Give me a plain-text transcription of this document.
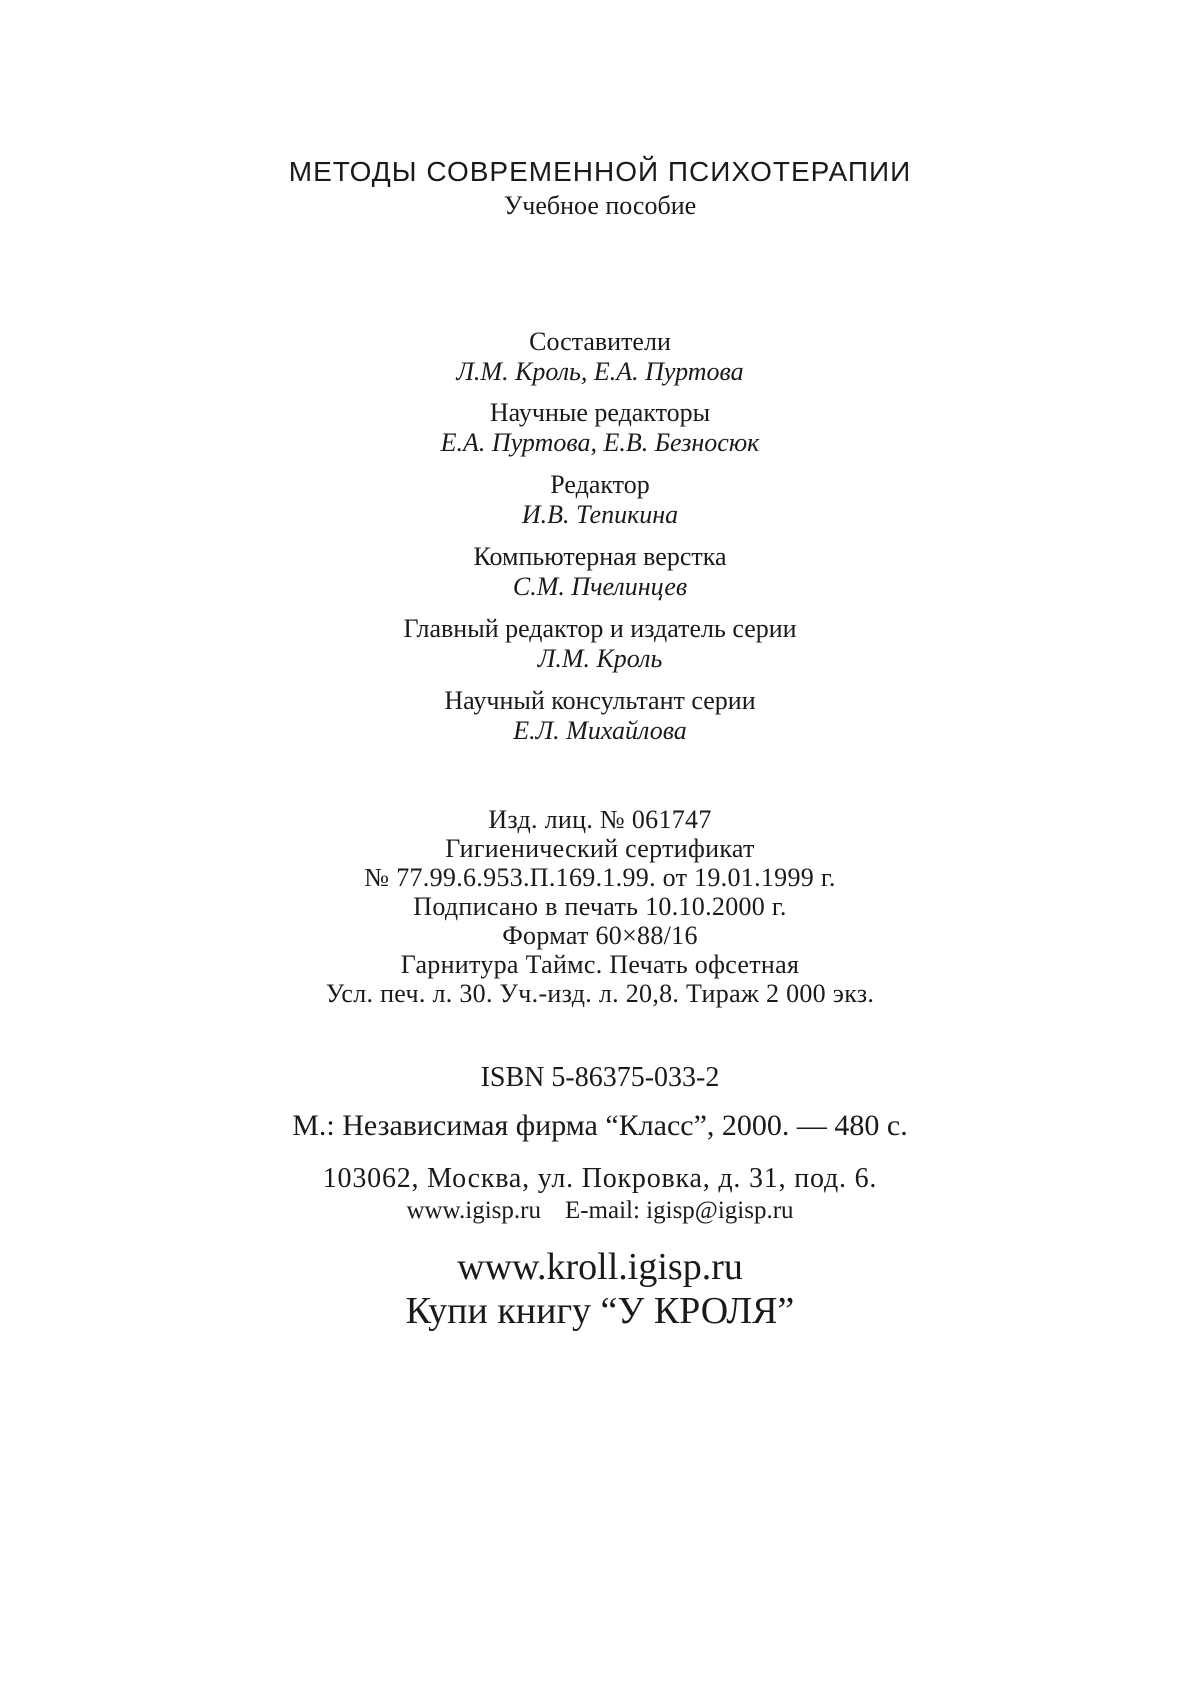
МЕТОДЫ СОВРЕМЕННОЙ ПСИХОТЕРАПИИ
Учебное пособие
Составители
Л.М. Кроль, Е.А. Пуртова
Научные редакторы
Е.А. Пуртова, Е.В. Безносюк
Редактор
И.В. Тепикина
Компьютерная верстка
С.М. Пчелинцев
Главный редактор и издатель серии
Л.М. Кроль
Научный консультант серии
Е.Л. Михайлова
Изд. лиц. № 061747
Гигиенический сертификат
№ 77.99.6.953.П.169.1.99. от 19.01.1999 г.
Подписано в печать 10.10.2000 г.
Формат 60×88/16
Гарнитура Таймс. Печать офсетная
Усл. печ. л. 30. Уч.-изд. л. 20,8. Тираж 2 000 экз.
ISBN 5-86375-033-2
М.: Независимая фирма “Класс”, 2000. — 480 с.
103062, Москва, ул. Покровка, д. 31, под. 6.
www.igisp.ru E-mail: igisp@igisp.ru
www.kroll.igisp.ru
Купи книгу “У КРОЛЯ”
